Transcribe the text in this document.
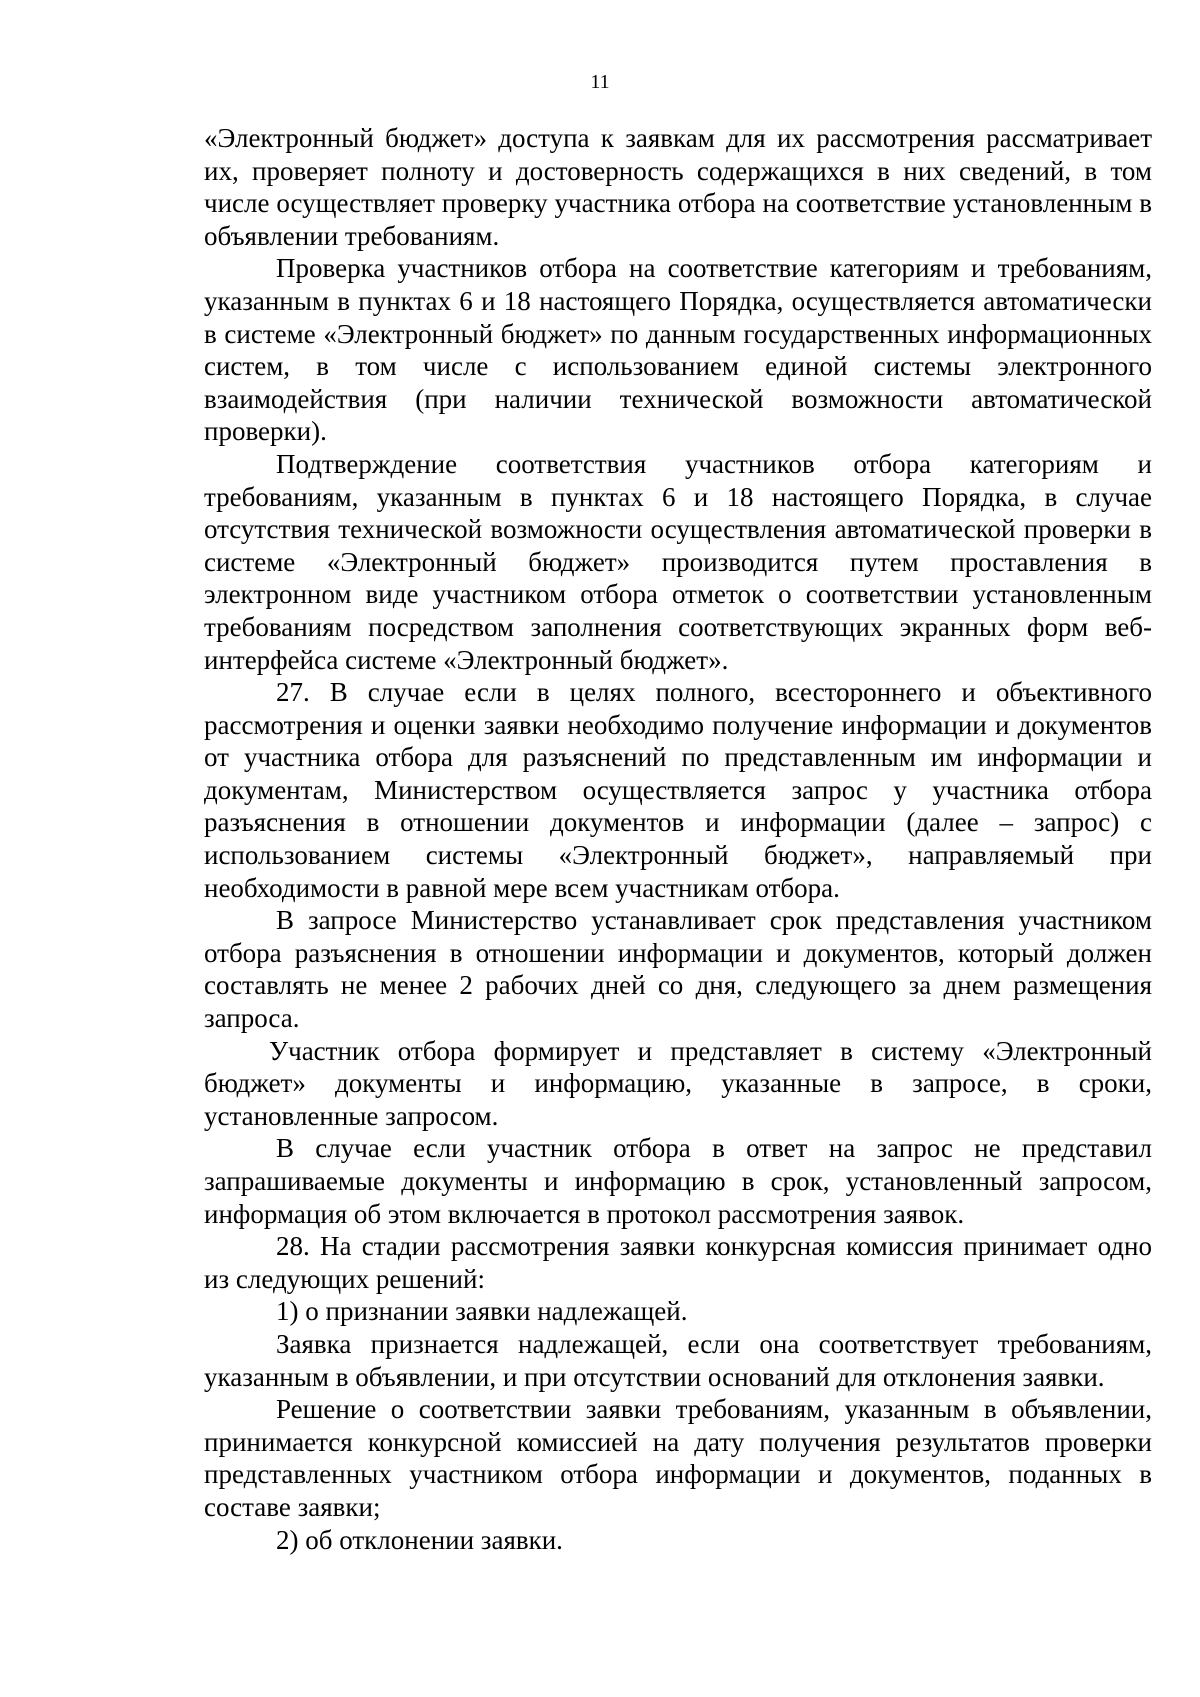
11

«Электронный бюджет» доступа к заявкам для их рассмотрения рассматривает их, проверяет полноту и достоверность содержащихся в них сведений, в том числе осуществляет проверку участника отбора на соответствие установленным в объявлении требованиям.

Проверка участников отбора на соответствие категориям и требованиям, указанным в пунктах 6 и 18 настоящего Порядка, осуществляется автоматически в системе «Электронный бюджет» по данным государственных информационных систем, в том числе с использованием единой системы электронного взаимодействия (при наличии технической возможности автоматической проверки).

Подтверждение соответствия участников отбора категориям и требованиям, указанным в пунктах 6 и 18 настоящего Порядка, в случае отсутствия технической возможности осуществления автоматической проверки в системе «Электронный бюджет» производится путем проставления в электронном виде участником отбора отметок о соответствии установленным требованиям посредством заполнения соответствующих экранных форм веб-интерфейса системе «Электронный бюджет».

27. В случае если в целях полного, всестороннего и объективного рассмотрения и оценки заявки необходимо получение информации и документов от участника отбора для разъяснений по представленным им информации и документам, Министерством осуществляется запрос у участника отбора разъяснения в отношении документов и информации (далее – запрос) с использованием системы «Электронный бюджет», направляемый при необходимости в равной мере всем участникам отбора.

В запросе Министерство устанавливает срок представления участником отбора разъяснения в отношении информации и документов, который должен составлять не менее 2 рабочих дней со дня, следующего за днем размещения запроса.

Участник отбора формирует и представляет в систему «Электронный бюджет» документы и информацию, указанные в запросе, в сроки, установленные запросом.

В случае если участник отбора в ответ на запрос не представил запрашиваемые документы и информацию в срок, установленный запросом, информация об этом включается в протокол рассмотрения заявок.

28. На стадии рассмотрения заявки конкурсная комиссия принимает одно из следующих решений:

1) о признании заявки надлежащей.

Заявка признается надлежащей, если она соответствует требованиям, указанным в объявлении, и при отсутствии оснований для отклонения заявки.

Решение о соответствии заявки требованиям, указанным в объявлении, принимается конкурсной комиссией на дату получения результатов проверки представленных участником отбора информации и документов, поданных в составе заявки;

2) об отклонении заявки.
